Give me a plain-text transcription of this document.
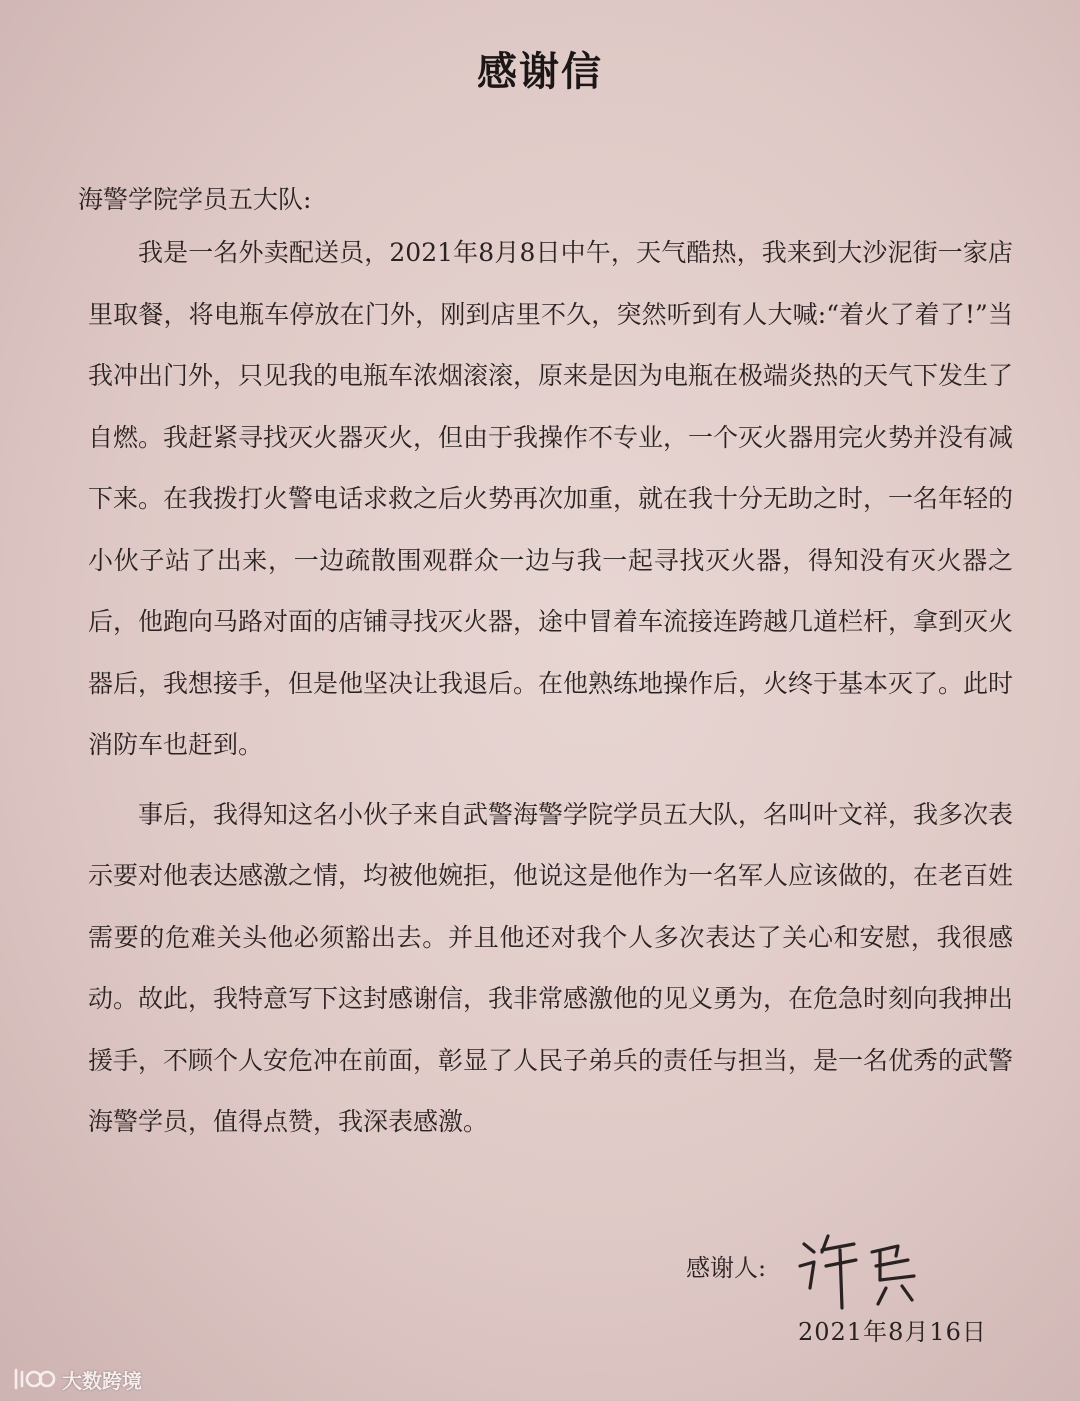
感谢信
海警学院学员五大队:

我是一名外卖配送员，2021年8月8日中午，天气酷热，我来到大沙泥街一家店里取餐，将电瓶车停放在门外，刚到店里不久，突然听到有人大喊:“着火了着了!”当我冲出门外，只见我的电瓶车浓烟滚滚，原来是因为电瓶在极端炎热的天气下发生了自燃。我赶紧寻找灭火器灭火，但由于我操作不专业，一个灭火器用完火势并没有减下来。在我拨打火警电话求救之后火势再次加重，就在我十分无助之时，一名年轻的小伙子站了出来，一边疏散围观群众一边与我一起寻找灭火器，得知没有灭火器之后，他跑向马路对面的店铺寻找灭火器，途中冒着车流接连跨越几道栏杆，拿到灭火器后，我想接手，但是他坚决让我退后。在他熟练地操作后，火终于基本灭了。此时消防车也赶到。

事后，我得知这名小伙子来自武警海警学院学员五大队，名叫叶文祥，我多次表示要对他表达感激之情，均被他婉拒，他说这是他作为一名军人应该做的，在老百姓需要的危难关头他必须豁出去。并且他还对我个人多次表达了关心和安慰，我很感动。故此，我特意写下这封感谢信，我非常感激他的见义勇为，在危急时刻向我抻出援手，不顾个人安危冲在前面，彰显了人民子弟兵的责任与担当，是一名优秀的武警海警学员，值得点赞，我深表感激。

感谢人:
2021年8月16日
大数跨境
